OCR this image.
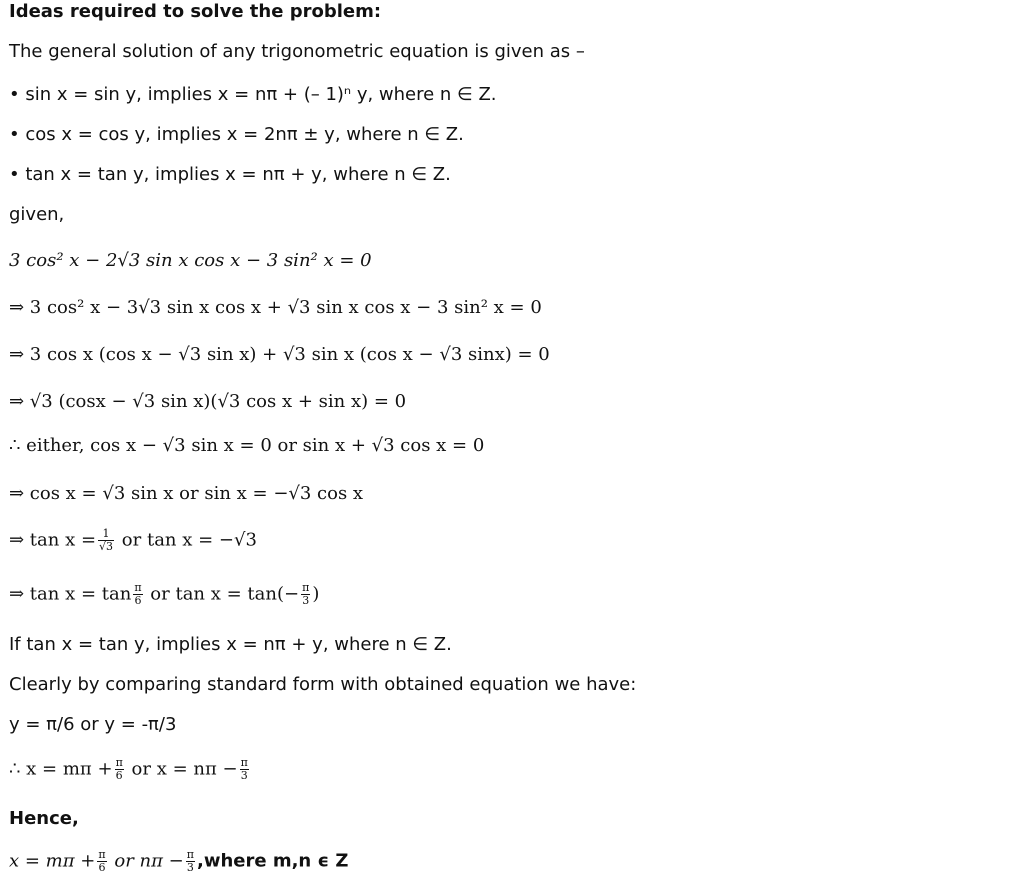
Ideas required to solve the problem:
The general solution of any trigonometric equation is given as –
• sin x = sin y, implies x = nπ + (– 1)ⁿ y, where n ∈ Z.
• cos x = cos y, implies x = 2nπ ± y, where n ∈ Z.
• tan x = tan y, implies x = nπ + y, where n ∈ Z.
given,
3 cos² x − 2√3 sin x cos x − 3 sin² x = 0
⇒ 3 cos² x − 3√3 sin x cos x + √3 sin x cos x − 3 sin² x = 0
⇒ 3 cos x (cos x − √3 sin x) + √3 sin x (cos x − √3 sinx) = 0
⇒ √3 (cosx − √3 sin x)(√3 cos x + sin x) = 0
∴ either, cos x − √3 sin x = 0 or sin x + √3 cos x = 0
⇒ cos x = √3 sin x or sin x = −√3 cos x
⇒ $\tan x = \frac{1}{√3}$ or tan x = −√3
⇒ $\tan x = \tan \frac{\pi}{6}$ or $\tan x = \tan(- \frac{\pi}{3}$ )
If tan x = tan y, implies x = nπ + y, where n ∈ Z.
Clearly by comparing standard form with obtained equation we have:
y = π/6 or y = -π/3
∴ $x = m\pi + \frac{\pi}{6}$ or $x = n\pi - \frac{\pi}{3}$
Hence,
$x = m\pi + \frac{\pi}{6}$ or $n\pi - \frac{\pi}{3}$ ,where m,n ϵ Z
